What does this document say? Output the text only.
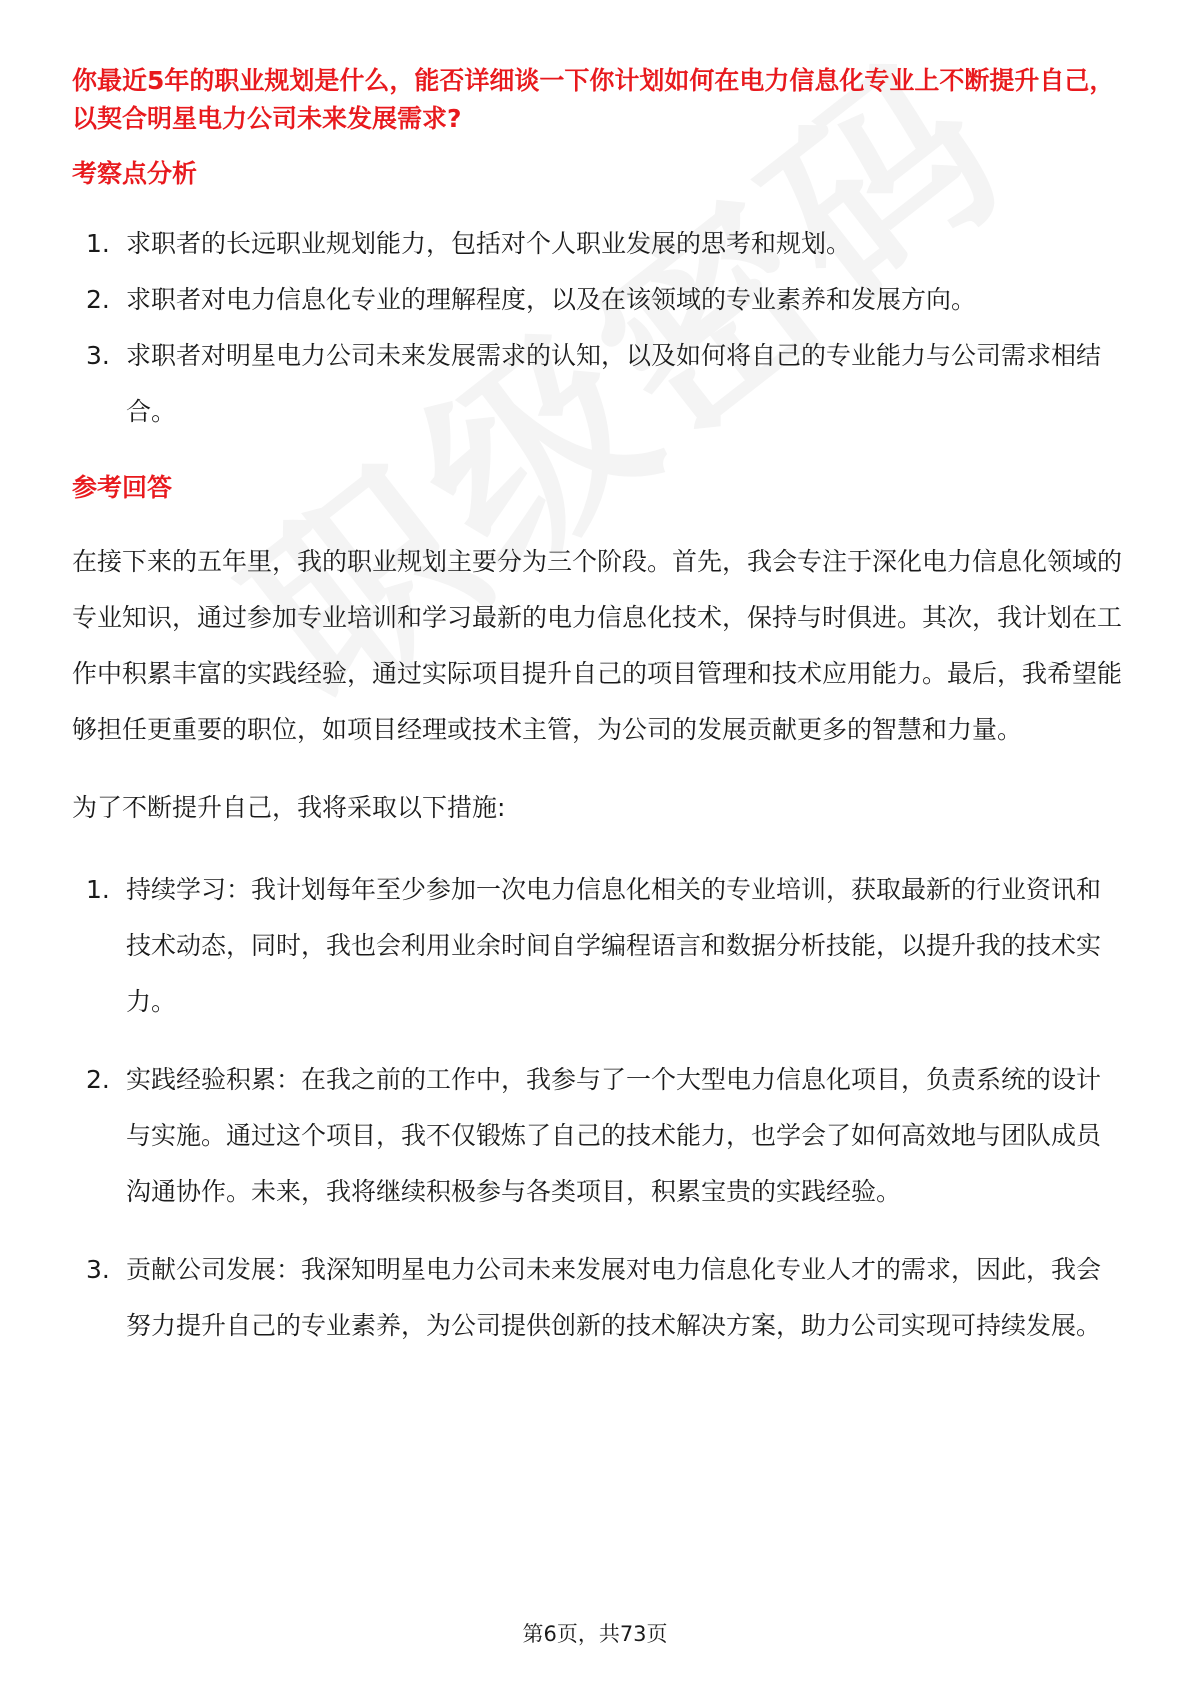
你最近5年的职业规划是什么，能否详细谈一下你计划如何在电力信息化专业上不断提升自己，以契合明星电力公司未来发展需求?

考察点分析

1. 求职者的长远职业规划能力，包括对个人职业发展的思考和规划。
2. 求职者对电力信息化专业的理解程度，以及在该领域的专业素养和发展方向。
3. 求职者对明星电力公司未来发展需求的认知，以及如何将自己的专业能力与公司需求相结合。

参考回答

在接下来的五年里，我的职业规划主要分为三个阶段。首先，我会专注于深化电力信息化领域的专业知识，通过参加专业培训和学习最新的电力信息化技术，保持与时俱进。其次，我计划在工作中积累丰富的实践经验，通过实际项目提升自己的项目管理和技术应用能力。最后，我希望能够担任更重要的职位，如项目经理或技术主管，为公司的发展贡献更多的智慧和力量。

为了不断提升自己，我将采取以下措施:

1. 持续学习：我计划每年至少参加一次电力信息化相关的专业培训，获取最新的行业资讯和技术动态，同时，我也会利用业余时间自学编程语言和数据分析技能，以提升我的技术实力。
2. 实践经验积累：在我之前的工作中，我参与了一个大型电力信息化项目，负责系统的设计与实施。通过这个项目，我不仅锻炼了自己的技术能力，也学会了如何高效地与团队成员沟通协作。未来，我将继续积极参与各类项目，积累宝贵的实践经验。
3. 贡献公司发展：我深知明星电力公司未来发展对电力信息化专业人才的需求，因此，我会努力提升自己的专业素养，为公司提供创新的技术解决方案，助力公司实现可持续发展。
第6页，共73页
